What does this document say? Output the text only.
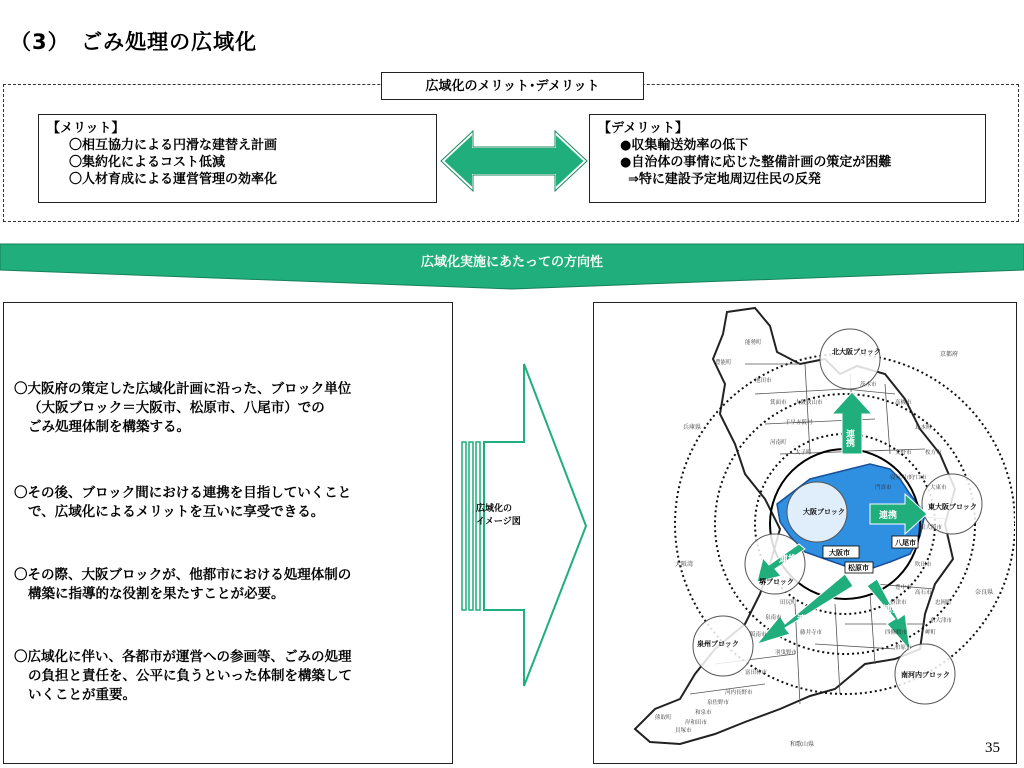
（3）　ごみ処理の広域化
広域化のメリット･デメリット
【メリット】
〇相互協力による円滑な建替え計画
〇集約化によるコスト低減
〇人材育成による運営管理の効率化
【デメリット】
●収集輸送効率の低下
●自治体の事情に応じた整備計画の策定が困難
⇒特に建設予定地周辺住民の反発
広域化実施にあたっての方向性
〇大阪府の策定した広域化計画に沿った、ブロック単位
（大阪ブロック＝大阪市、松原市、八尾市）での
ごみ処理体制を構築する。
〇その後、ブロック間における連携を目指していくこと
で、広域化によるメリットを互いに享受できる。
〇その際、大阪ブロックが、他都市における処理体制の
構築に指導的な役割を果たすことが必要。
〇広域化に伴い、各都市が運営への参画等、ごみの処理
の負担と責任を、公平に負うといった体制を構築して
いくことが重要。
広域化の
イメージ図
北大阪ブロック
東大阪ブロック
大阪ブロック
堺ブロック
泉州ブロック
南河内ブロック
大阪市
八尾市
松原市
連携
連携
連携
連携
連携
能勢町
豊能町
池田市
箕面市
茨木市
高槻市
島本町
枚方市
交野市
寝屋川市
門真市
守口市
大東市
東大阪市
吹田市
豊中市
摂津市
四條畷市
柏原市
藤井寺市
羽曳野市
富田林市
河内長野市
和泉市
岸和田市
貝塚市
泉佐野市
熊取町
田尻町
泉南市
阪南市	岬町
泉大津市
忠岡町
高石市
太子町
河南町
千早赤阪村
大阪狭山市
京都府
兵庫県
奈良県
和歌山県
大阪湾
35
